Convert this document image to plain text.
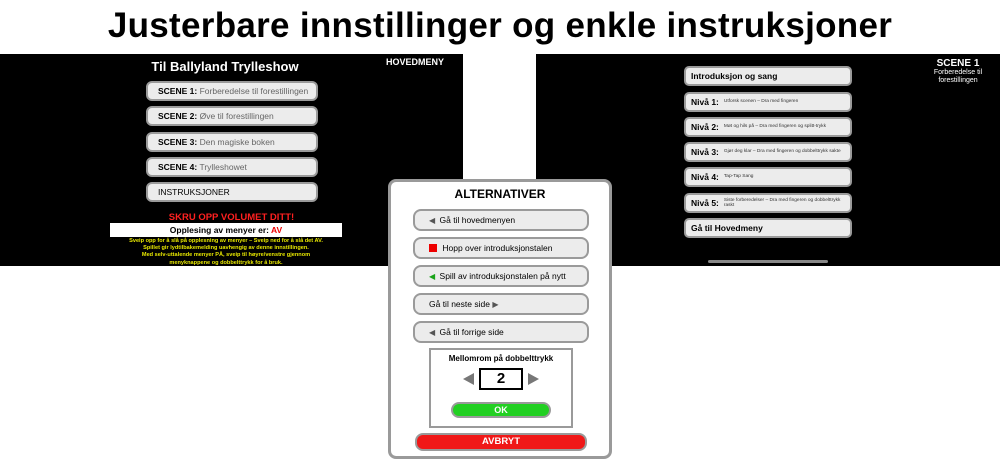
Justerbare innstillinger og enkle instruksjoner
Til Ballyland Trylleshow	HOVEDMENY
SCENE 1: Forberedelse til forestillingen
SCENE 2: Øve til forestillingen
SCENE 3: Den magiske boken
SCENE 4: Trylleshowet
INSTRUKSJONER
SKRU OPP VOLUMET DITT!
Opplesing av menyer er: AV
Sveip opp for å slå på opplesning av menyer – Sveip ned for å slå det AV.
Spillet gir lydtilbakemelding uavhengig av denne innstillingen.
Med selv-uttalende menyer PÅ, sveip til høyre/venstre gjennom
menyknappene og dobbelttrykk for å bruk.
SCENE 1
Forberedelse til forestillingen
Introduksjon og sang
Nivå 1: Utforsk scenen – Dra med fingeren
Nivå 2: Møt og hils på – Dra med fingeren og splitt-trykk
Nivå 3: Gjør deg klar – Dra med fingeren og dobbelttrykk sakte
Nivå 4: Tap-Tap Sang
Nivå 5: Siste forberedelser – Dra med fingeren og dobbelttrykk raskt
Gå til Hovedmeny
ALTERNATIVER
◀ Gå til hovedmenyen
Hopp over introduksjonstalen
◀ Spill av introduksjonstalen på nytt
Gå til neste side ▶
◀ Gå til forrige side
Mellomrom på dobbelttrykk
2
OK
AVBRYT
